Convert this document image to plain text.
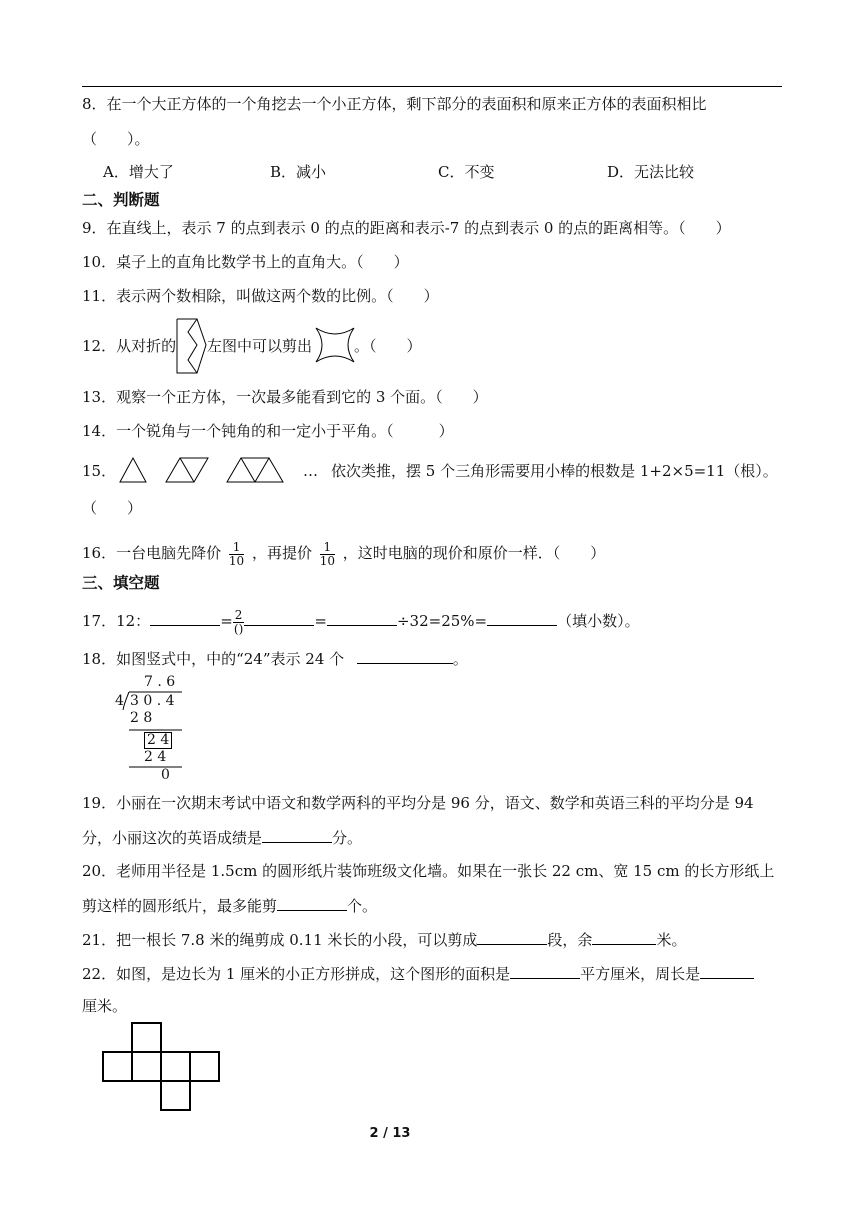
8．在一个大正方体的一个角挖去一个小正方体，剩下部分的表面积和原来正方体的表面积相比
（　　）。
A．增大了	B．减小	C．不变	D．无法比较
二、判断题
9．在直线上，表示 7 的点到表示 0 的点的距离和表示-7 的点到表示 0 的点的距离相等。（　　）
10．桌子上的直角比数学书上的直角大。（　　）
11．表示两个数相除，叫做这两个数的比例。（　　）
12．从对折的 左图中可以剪出	。（　　）
13．观察一个正方体，一次最多能看到它的 3 个面。（　　）
14．一个锐角与一个钝角的和一定小于平角。（　　　）
15．	… 依次类推，摆 5 个三角形需要用小棒的根数是 1+2×5=11（根）。
（　　）
16．一台电脑先降价 $\frac{1}{10}$ ，再提价 $\frac{1}{10}$ ，这时电脑的现价和原价一样．（　　）
三、填空题
17．12：	= $\frac{2}{()}$	=	÷32=25%=	（填小数）。
18．如图竖式中，中的“24”表示 24 个	。
7 . 6
4 3 0 . 4
2 8
2 4
2 4
0
19．小丽在一次期末考试中语文和数学两科的平均分是 96 分，语文、数学和英语三科的平均分是 94
分，小丽这次的英语成绩是	分。
20．老师用半径是 1.5cm 的圆形纸片装饰班级文化墙。如果在一张长 22 cm、宽 15 cm 的长方形纸上
剪这样的圆形纸片，最多能剪	个。
21．把一根长 7.8 米的绳剪成 0.11 米长的小段，可以剪成	段，余	米。
22．如图，是边长为 1 厘米的小正方形拼成，这个图形的面积是	平方厘米，周长是
厘米。
2 / 13
